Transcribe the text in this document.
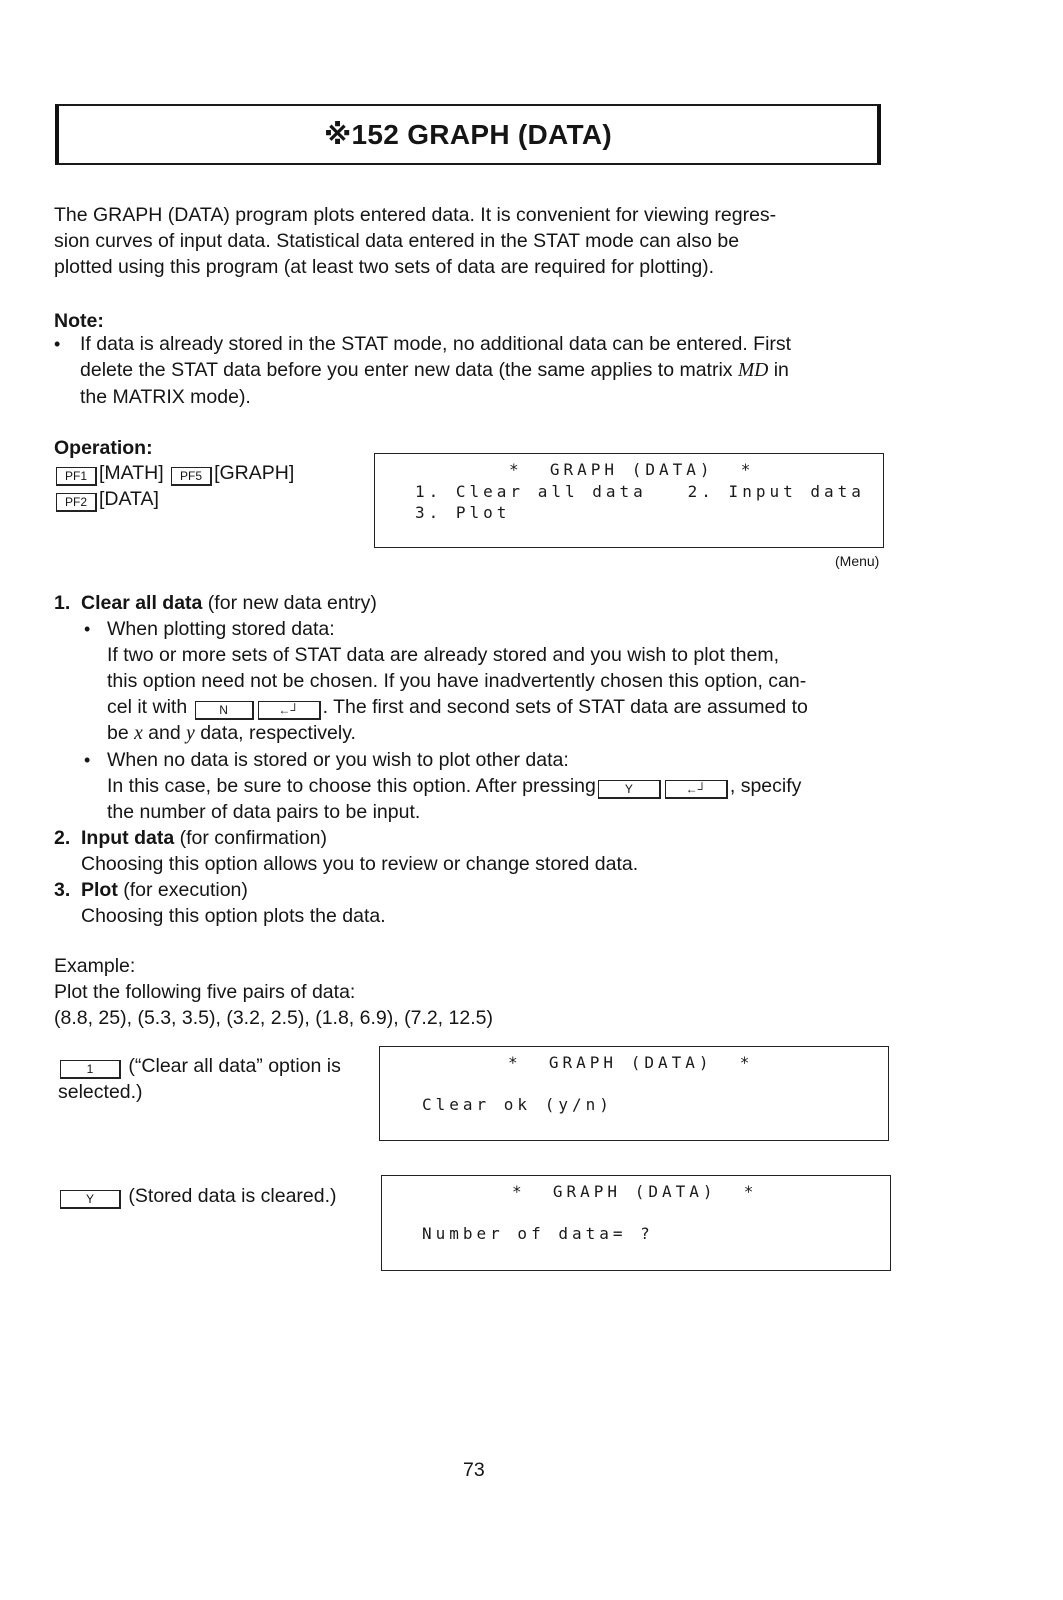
※152 GRAPH (DATA)
The GRAPH (DATA) program plots entered data. It is convenient for viewing regres-
sion curves of input data. Statistical data entered in the STAT mode can also be
plotted using this program (at least two sets of data are required for plotting).
Note:
• If data is already stored in the STAT mode, no additional data can be entered. First
delete the STAT data before you enter new data (the same applies to matrix MD in
the MATRIX mode).
Operation:
PF1 [MATH] PF5 [GRAPH]
PF2 [DATA]
*  GRAPH (DATA)  *
1. Clear all data   2. Input data
3. Plot
(Menu)
1. Clear all data (for new data entry)
• When plotting stored data:
If two or more sets of STAT data are already stored and you wish to plot them,
this option need not be chosen. If you have inadvertently chosen this option, can-
cel it with	N	←┘ . The first and second sets of STAT data are assumed to
be x and y data, respectively.
• When no data is stored or you wish to plot other data:
In this case, be sure to choose this option. After pressing Y	←┘ , specify
the number of data pairs to be input.
2. Input data (for confirmation)
Choosing this option allows you to review or change stored data.
3. Plot (for execution)
Choosing this option plots the data.
Example:
Plot the following five pairs of data:
(8.8, 25), (5.3, 3.5), (3.2, 2.5), (1.8, 6.9), (7.2, 12.5)
1 (“Clear all data” option is
selected.)
*  GRAPH (DATA)  *
Clear ok (y/n)
Y (Stored data is cleared.)	*  GRAPH (DATA)  *
Number of data= ?
73
